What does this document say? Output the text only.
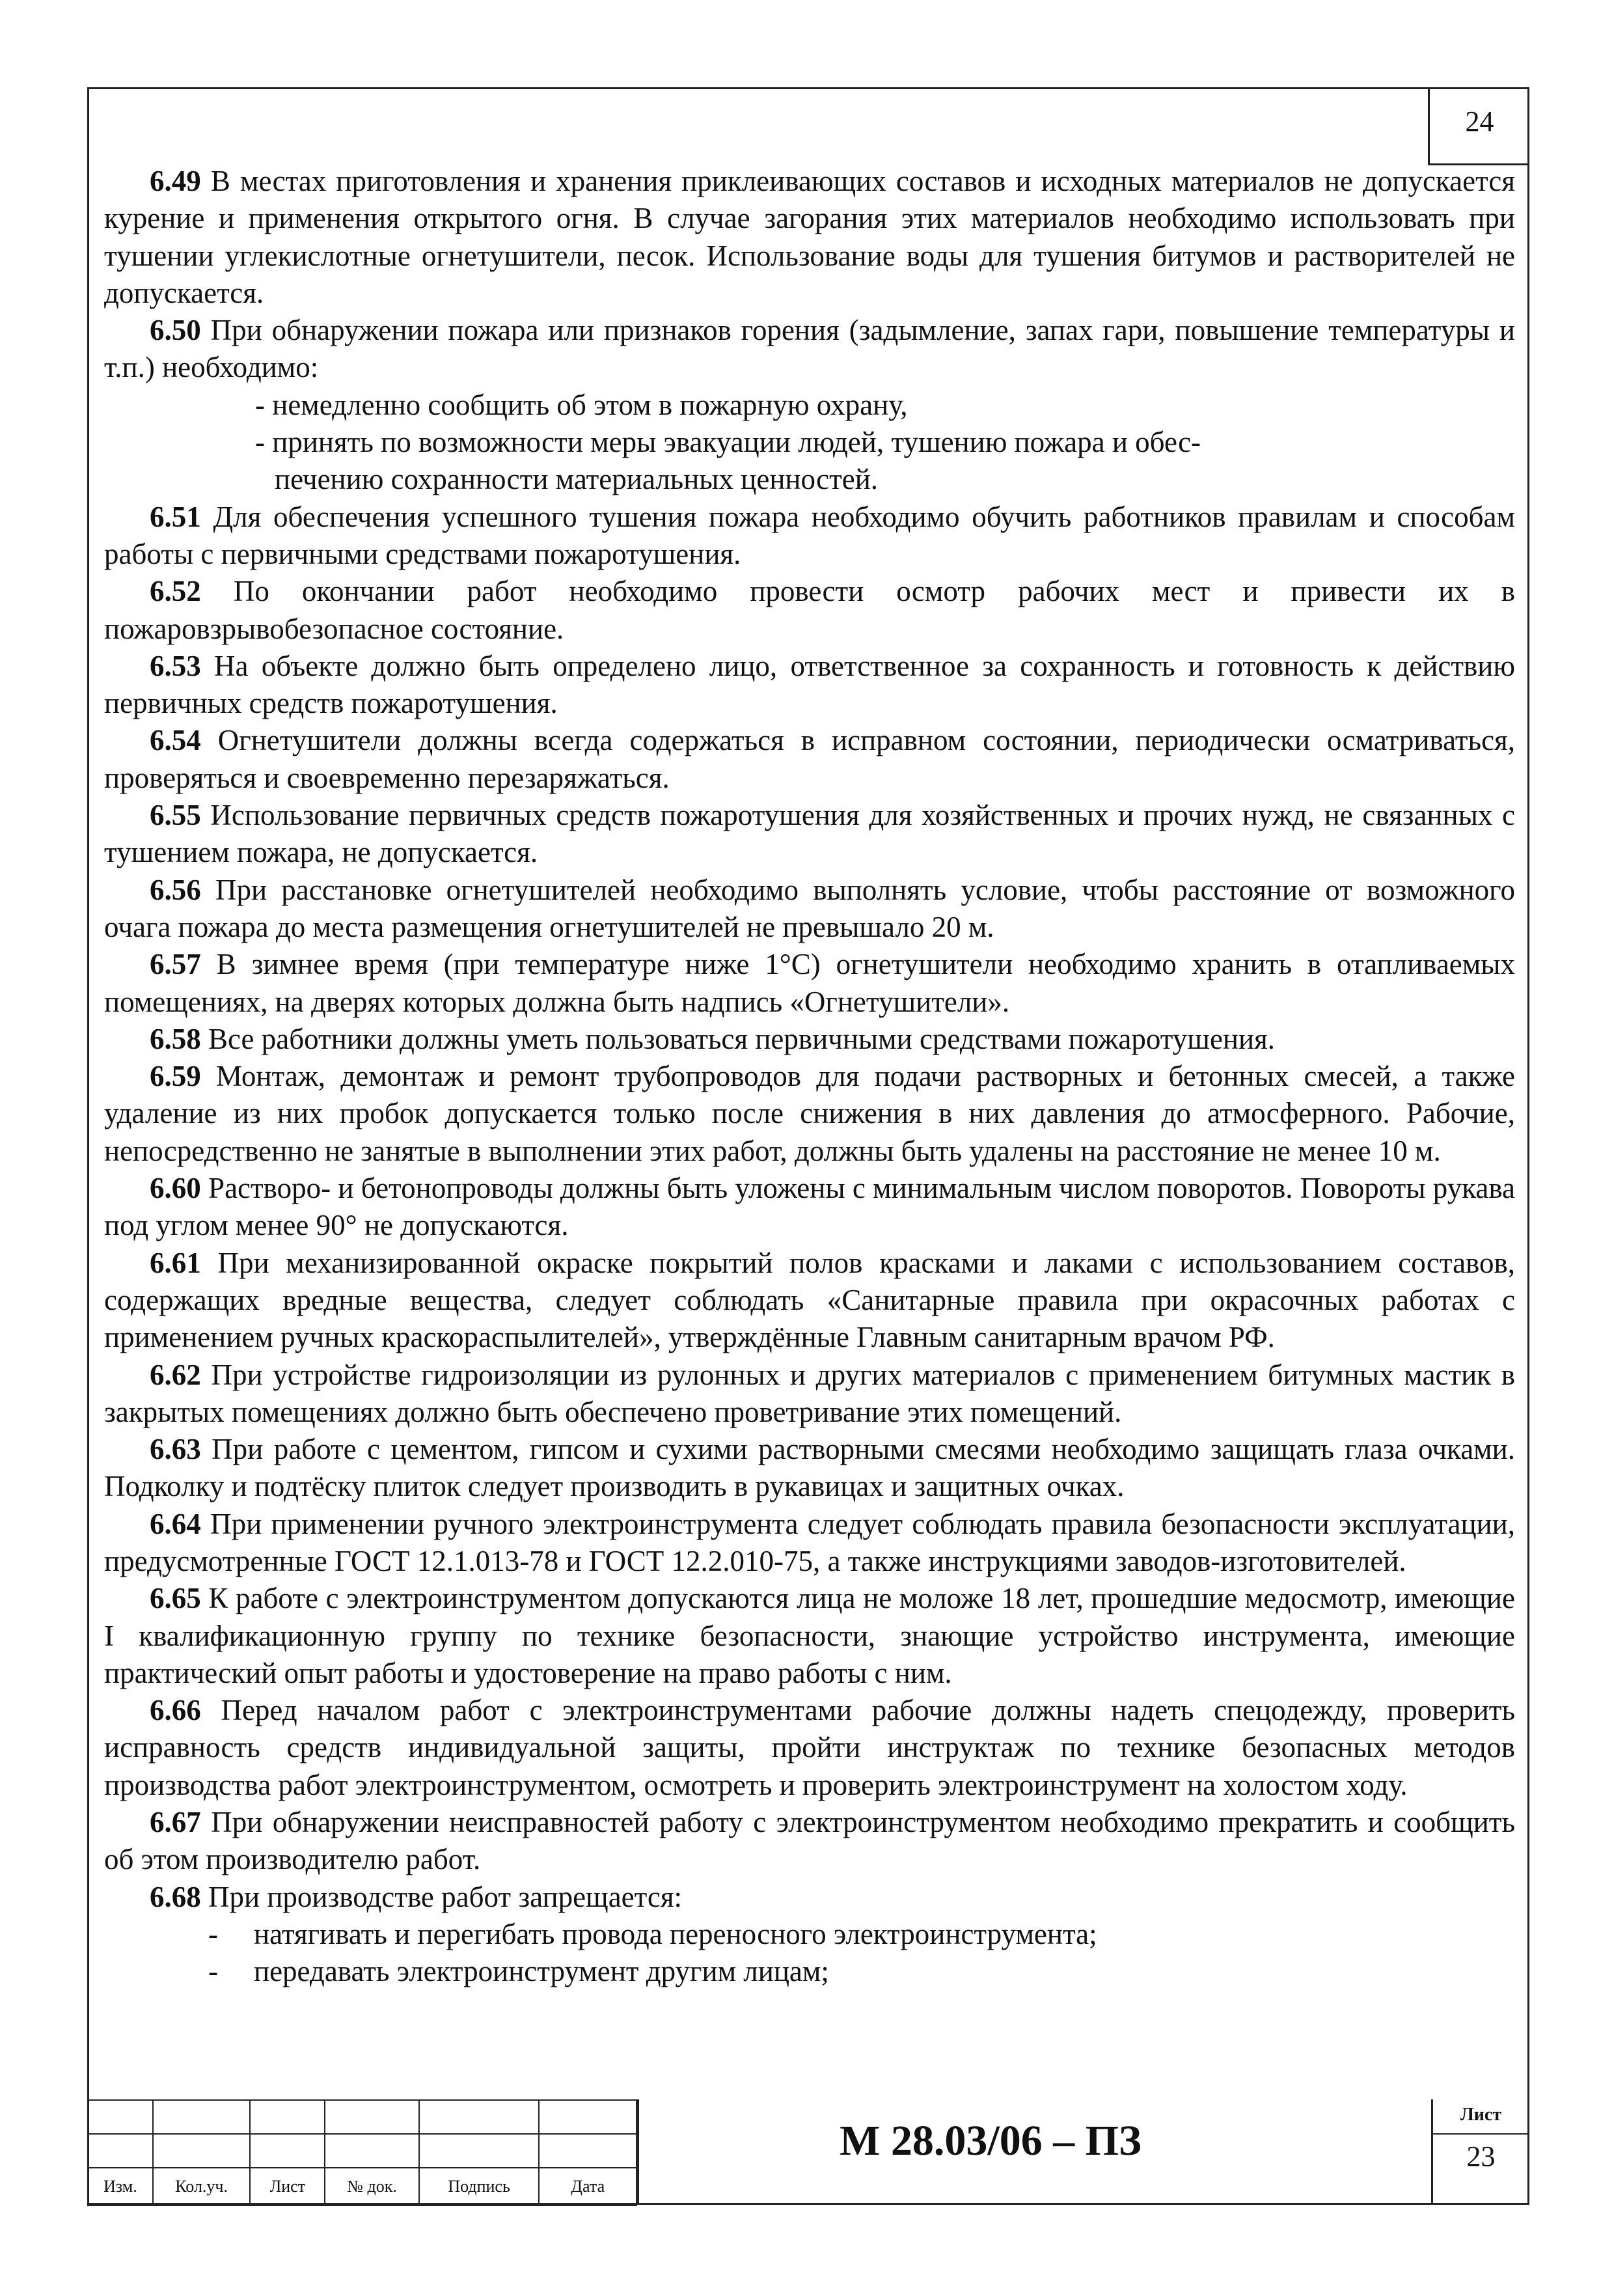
24

6.49 В местах приготовления и хранения приклеивающих составов и исходных материалов не допускается курение и применения открытого огня. В случае загорания этих материалов необходимо использовать при тушении углекислотные огнетушители, песок. Использование воды для тушения битумов и растворителей не допускается.

6.50 При обнаружении пожара или признаков горения (задымление, запах гари, повышение температуры и т.п.) необходимо:

- немедленно сообщить об этом в пожарную охрану,

- принять по возможности меры эвакуации людей, тушению пожара и обес-

печению сохранности материальных ценностей.

6.51 Для обеспечения успешного тушения пожара необходимо обучить работников правилам и способам работы с первичными средствами пожаротушения.

6.52 По окончании работ необходимо провести осмотр рабочих мест и привести их в пожаровзрывобезопасное состояние.

6.53 На объекте должно быть определено лицо, ответственное за сохранность и готовность к действию первичных средств пожаротушения.

6.54 Огнетушители должны всегда содержаться в исправном состоянии, периодически осматриваться, проверяться и своевременно перезаряжаться.

6.55 Использование первичных средств пожаротушения для хозяйственных и прочих нужд, не связанных с тушением пожара, не допускается.

6.56 При расстановке огнетушителей необходимо выполнять условие, чтобы расстояние от возможного очага пожара до места размещения огнетушителей не превышало 20 м.

6.57 В зимнее время (при температуре ниже 1°С) огнетушители необходимо хранить в отапливаемых помещениях, на дверях которых должна быть надпись «Огнетушители».

6.58 Все работники должны уметь пользоваться первичными средствами пожаротушения.

6.59 Монтаж, демонтаж и ремонт трубопроводов для подачи растворных и бетонных смесей, а также удаление из них пробок допускается только после снижения в них давления до атмосферного. Рабочие, непосредственно не занятые в выполнении этих работ, должны быть удалены на расстояние не менее 10 м.

6.60 Растворо- и бетонопроводы должны быть уложены с минимальным числом поворотов. Повороты рукава под углом менее 90° не допускаются.

6.61 При механизированной окраске покрытий полов красками и лаками с использованием составов, содержащих вредные вещества, следует соблюдать «Санитарные правила при окрасочных работах с применением ручных краскораспылителей», утверждённые Главным санитарным врачом РФ.

6.62 При устройстве гидроизоляции из рулонных и других материалов с применением битумных мастик в закрытых помещениях должно быть обеспечено проветривание этих помещений.

6.63 При работе с цементом, гипсом и сухими растворными смесями необходимо защищать глаза очками. Подколку и подтёску плиток следует производить в рукавицах и защитных очках.

6.64 При применении ручного электроинструмента следует соблюдать правила безопасности эксплуатации, предусмотренные ГОСТ 12.1.013-78 и ГОСТ 12.2.010-75, а также инструкциями заводов-изготовителей.

6.65 К работе с электроинструментом допускаются лица не моложе 18 лет, прошедшие медосмотр, имеющие I квалификационную группу по технике безопасности, знающие устройство инструмента, имеющие практический опыт работы и удостоверение на право работы с ним.

6.66 Перед началом работ с электроинструментами рабочие должны надеть спецодежду, проверить исправность средств индивидуальной защиты, пройти инструктаж по технике безопасных методов производства работ электроинструментом, осмотреть и проверить электроинструмент на холостом ходу.

6.67 При обнаружении неисправностей работу с электроинструментом необходимо прекратить и сообщить об этом производителю работ.

6.68 При производстве работ запрещается:

- натягивать и перегибать провода переносного электроинструмента;

- передавать электроинструмент другим лицам;

Изм.	Кол.уч.	Лист	№ док.	Подпись	Дата
М 28.03/06 – ПЗ
Лист
23
